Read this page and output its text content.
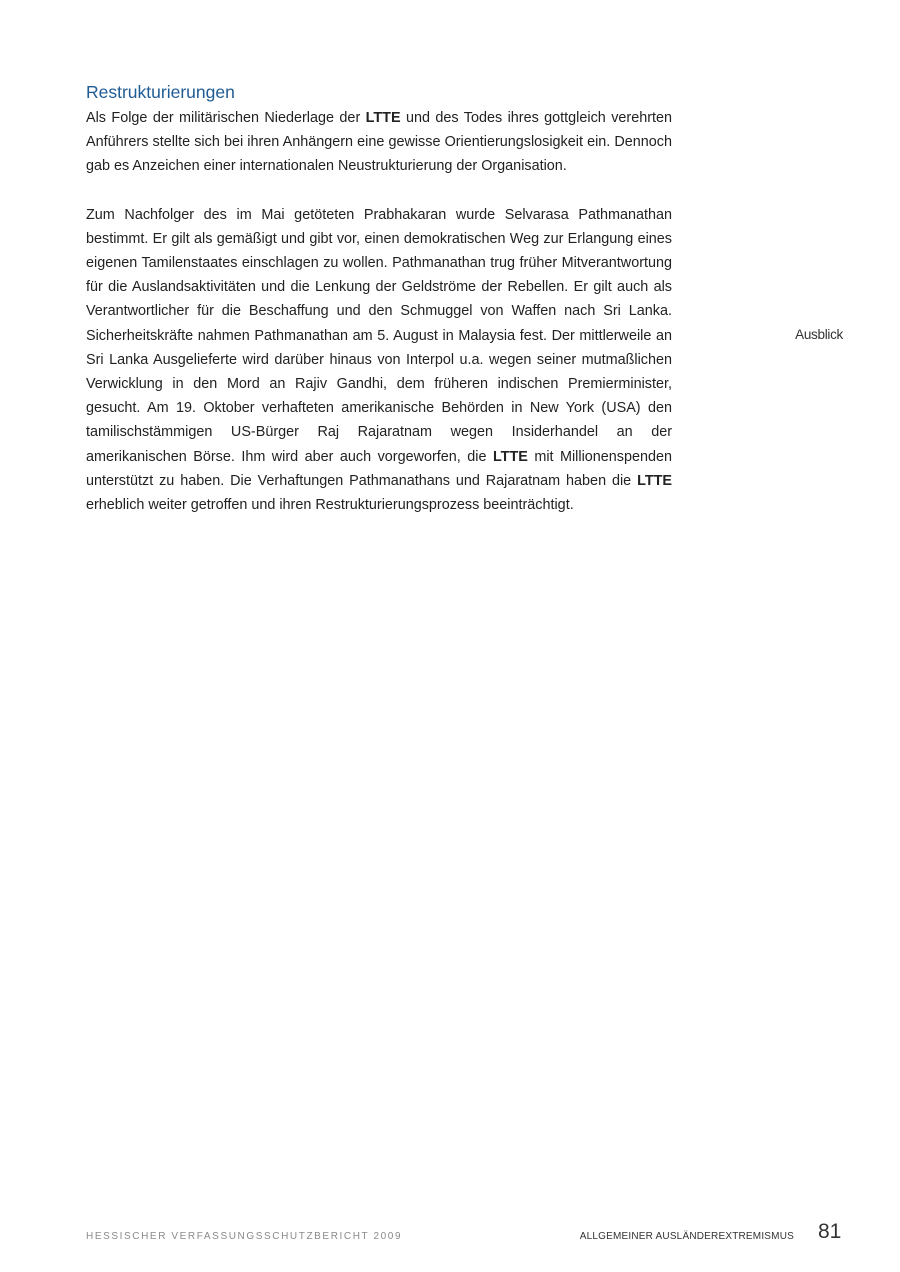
Restrukturierungen

Als Folge der militärischen Niederlage der LTTE und des Todes ihres gottgleich verehrten Anführers stellte sich bei ihren Anhängern eine gewisse Orientierungslosigkeit ein. Dennoch gab es Anzeichen einer internationalen Neustrukturierung der Organisation.

Zum Nachfolger des im Mai getöteten Prabhakaran wurde Selvarasa Pathmanathan bestimmt. Er gilt als gemäßigt und gibt vor, einen demokratischen Weg zur Erlangung eines eigenen Tamilenstaates einschlagen zu wollen. Pathmanathan trug früher Mitverantwortung für die Auslandsaktivitäten und die Lenkung der Geldströme der Rebellen. Er gilt auch als Verantwortlicher für die Beschaffung und den Schmuggel von Waffen nach Sri Lanka. Sicherheitskräfte nahmen Pathmanathan am 5. August in Malaysia fest. Der mittlerweile an Sri Lanka Ausgelieferte wird darüber hinaus von Interpol u.a. wegen seiner mutmaßlichen Verwicklung in den Mord an Rajiv Gandhi, dem früheren indischen Premierminister, gesucht. Am 19. Oktober verhafteten amerikanische Behörden in New York (USA) den tamilischstämmigen US-Bürger Raj Rajaratnam wegen Insiderhandel an der amerikanischen Börse. Ihm wird aber auch vorgeworfen, die LTTE mit Millionenspenden unterstützt zu haben. Die Verhaftungen Pathmanathans und Rajaratnam haben die LTTE erheblich weiter getroffen und ihren Restrukturierungsprozess beeinträchtigt.

Ausblick
HESSISCHER VERFASSUNGSSCHUTZBERICHT 2009	ALLGEMEINER AUSLÄNDEREXTREMISMUS 81
